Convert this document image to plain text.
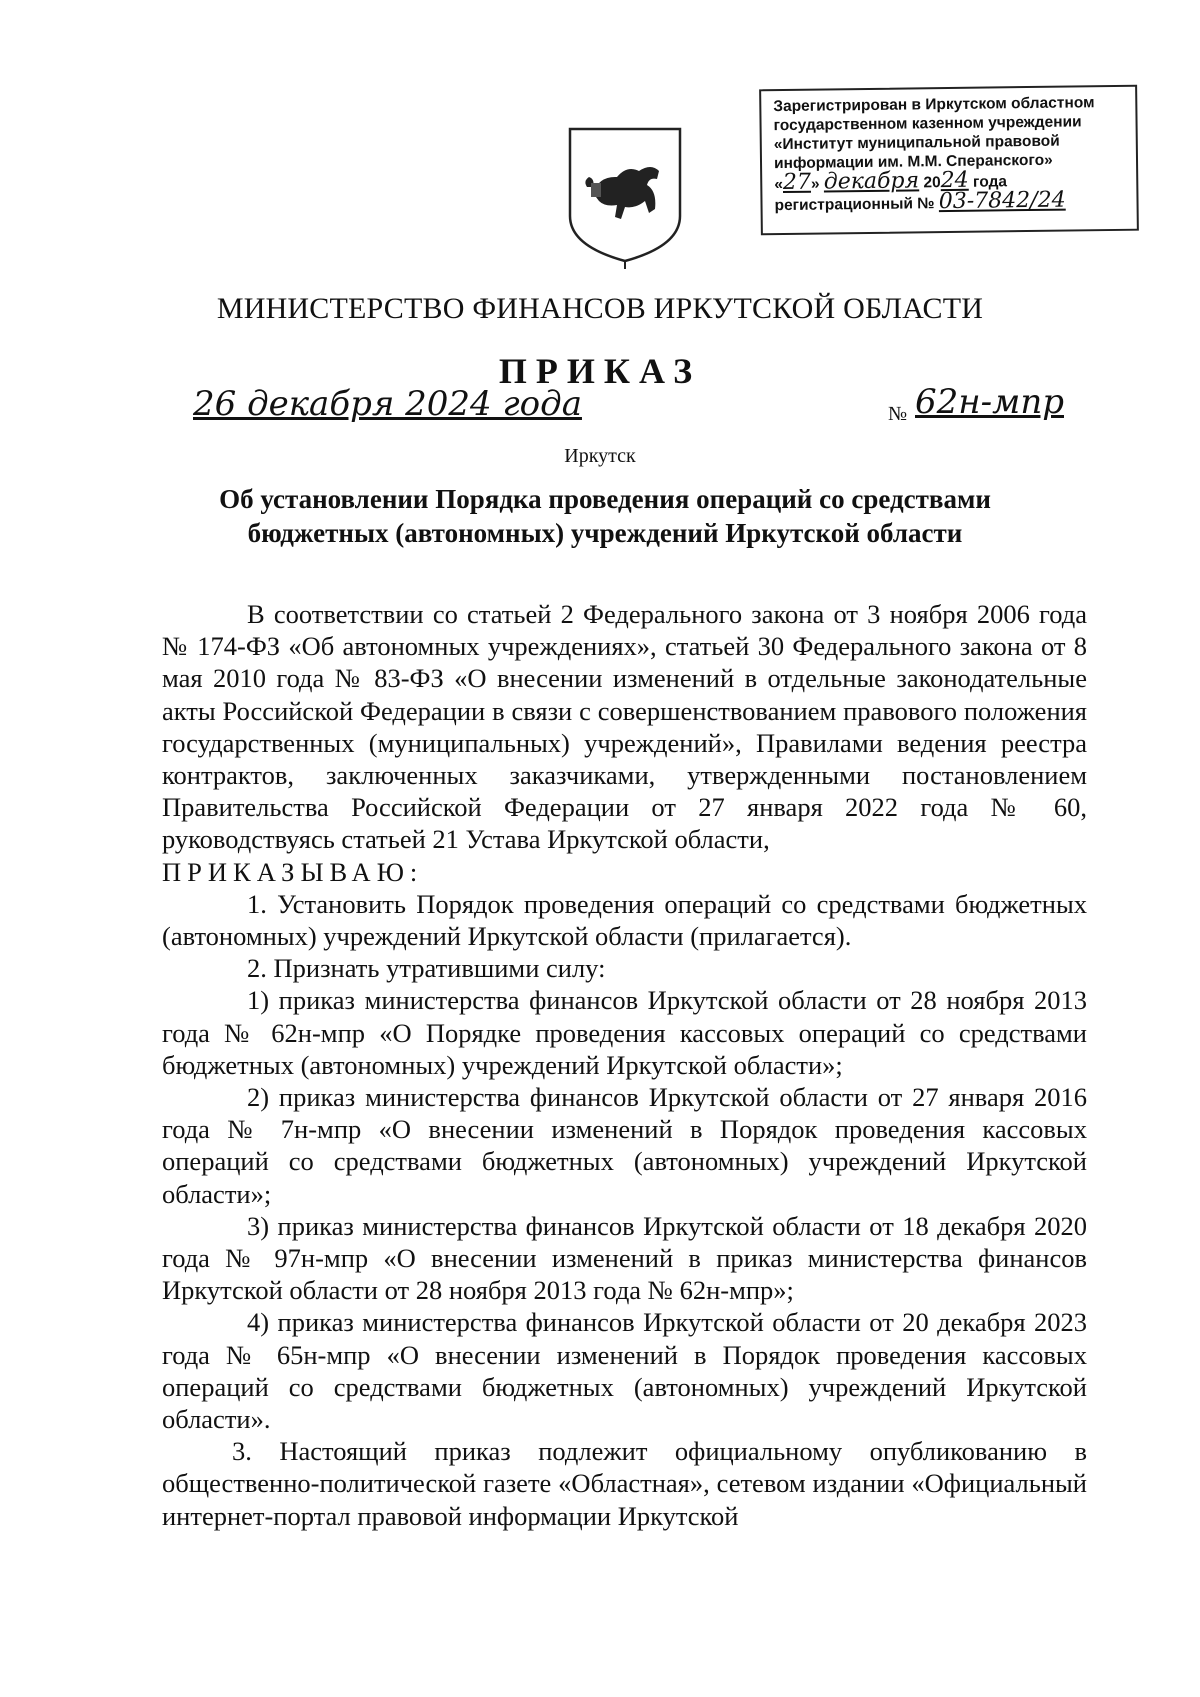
Зарегистрирован в Иркутском областном
государственном казенном учреждении
«Институт муниципальной правовой
информации им. М.М. Сперанского»
«27» декабря 2024 года
регистрационный № 03-7842/24
МИНИСТЕРСТВО ФИНАНСОВ ИРКУТСКОЙ ОБЛАСТИ
ПРИКАЗ
26 декабря 2024 года	№ 62н-мпр
Иркутск
Об установлении Порядка проведения операций со средствами
бюджетных (автономных) учреждений Иркутской области

В соответствии со статьей 2 Федерального закона от 3 ноября 2006 года № 174-ФЗ «Об автономных учреждениях», статьей 30 Федерального закона от 8 мая 2010 года № 83-ФЗ «О внесении изменений в отдельные законодательные акты Российской Федерации в связи с совершенствованием правового положения государственных (муниципальных) учреждений», Правилами ведения реестра контрактов, заключенных заказчиками, утвержденными постановлением Правительства Российской Федерации от 27 января 2022 года № 60, руководствуясь статьей 21 Устава Иркутской области,

ПРИКАЗЫВАЮ:

1. Установить Порядок проведения операций со средствами бюджетных (автономных) учреждений Иркутской области (прилагается).

2. Признать утратившими силу:

1) приказ министерства финансов Иркутской области от 28 ноября 2013 года № 62н-мпр «О Порядке проведения кассовых операций со средствами бюджетных (автономных) учреждений Иркутской области»;

2) приказ министерства финансов Иркутской области от 27 января 2016 года № 7н-мпр «О внесении изменений в Порядок проведения кассовых операций со средствами бюджетных (автономных) учреждений Иркутской области»;

3) приказ министерства финансов Иркутской области от 18 декабря 2020 года № 97н-мпр «О внесении изменений в приказ министерства финансов Иркутской области от 28 ноября 2013 года № 62н-мпр»;

4) приказ министерства финансов Иркутской области от 20 декабря 2023 года № 65н-мпр «О внесении изменений в Порядок проведения кассовых операций со средствами бюджетных (автономных) учреждений Иркутской области».

3. Настоящий приказ подлежит официальному опубликованию в общественно-политической газете «Областная», сетевом издании «Официальный интернет-портал правовой информации Иркутской
